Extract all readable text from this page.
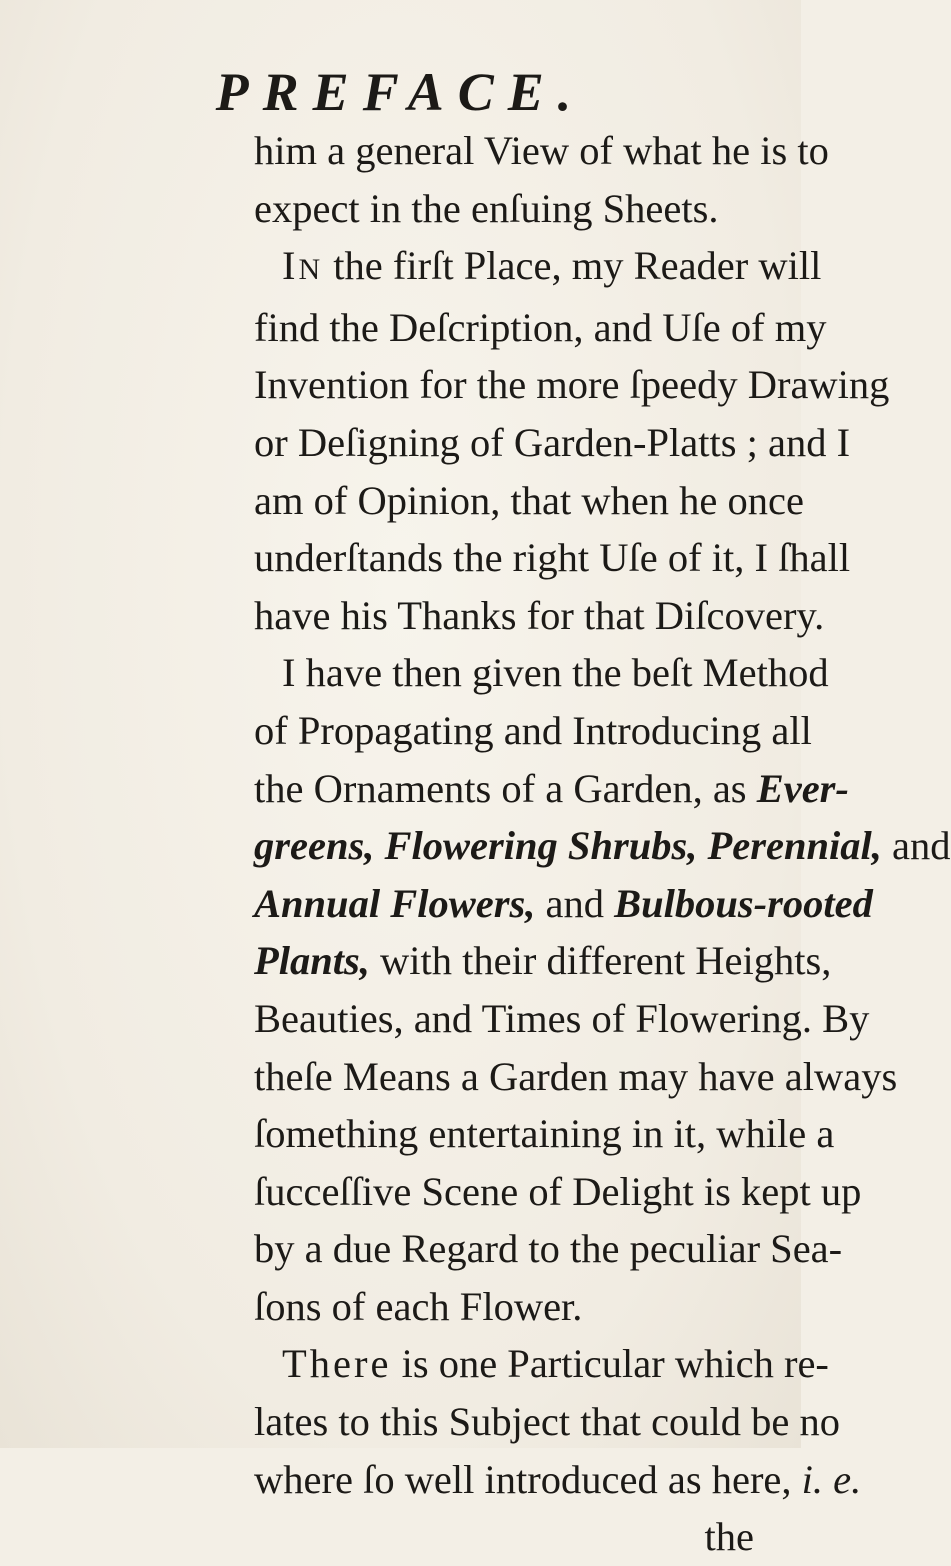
PREFACE.
him a general View of what he is to
expect in the enſuing Sheets.
IN the firſt Place, my Reader will
find the Deſcription, and Uſe of my
Invention for the more ſpeedy Drawing
or Deſigning of Garden-Platts ; and I
am of Opinion, that when he once
underſtands the right Uſe of it, I ſhall
have his Thanks for that Diſcovery.
I have then given the beſt Method
of Propagating and Introducing all
the Ornaments of a Garden, as Ever-
greens, Flowering Shrubs, Perennial, and
Annual Flowers, and Bulbous-rooted
Plants, with their different Heights,
Beauties, and Times of Flowering. By
theſe Means a Garden may have always
ſomething entertaining in it, while a
ſucceſſive Scene of Delight is kept up
by a due Regard to the peculiar Sea-
ſons of each Flower.
There is one Particular which re-
lates to this Subject that could be no
where ſo well introduced as here, i. e.
the
